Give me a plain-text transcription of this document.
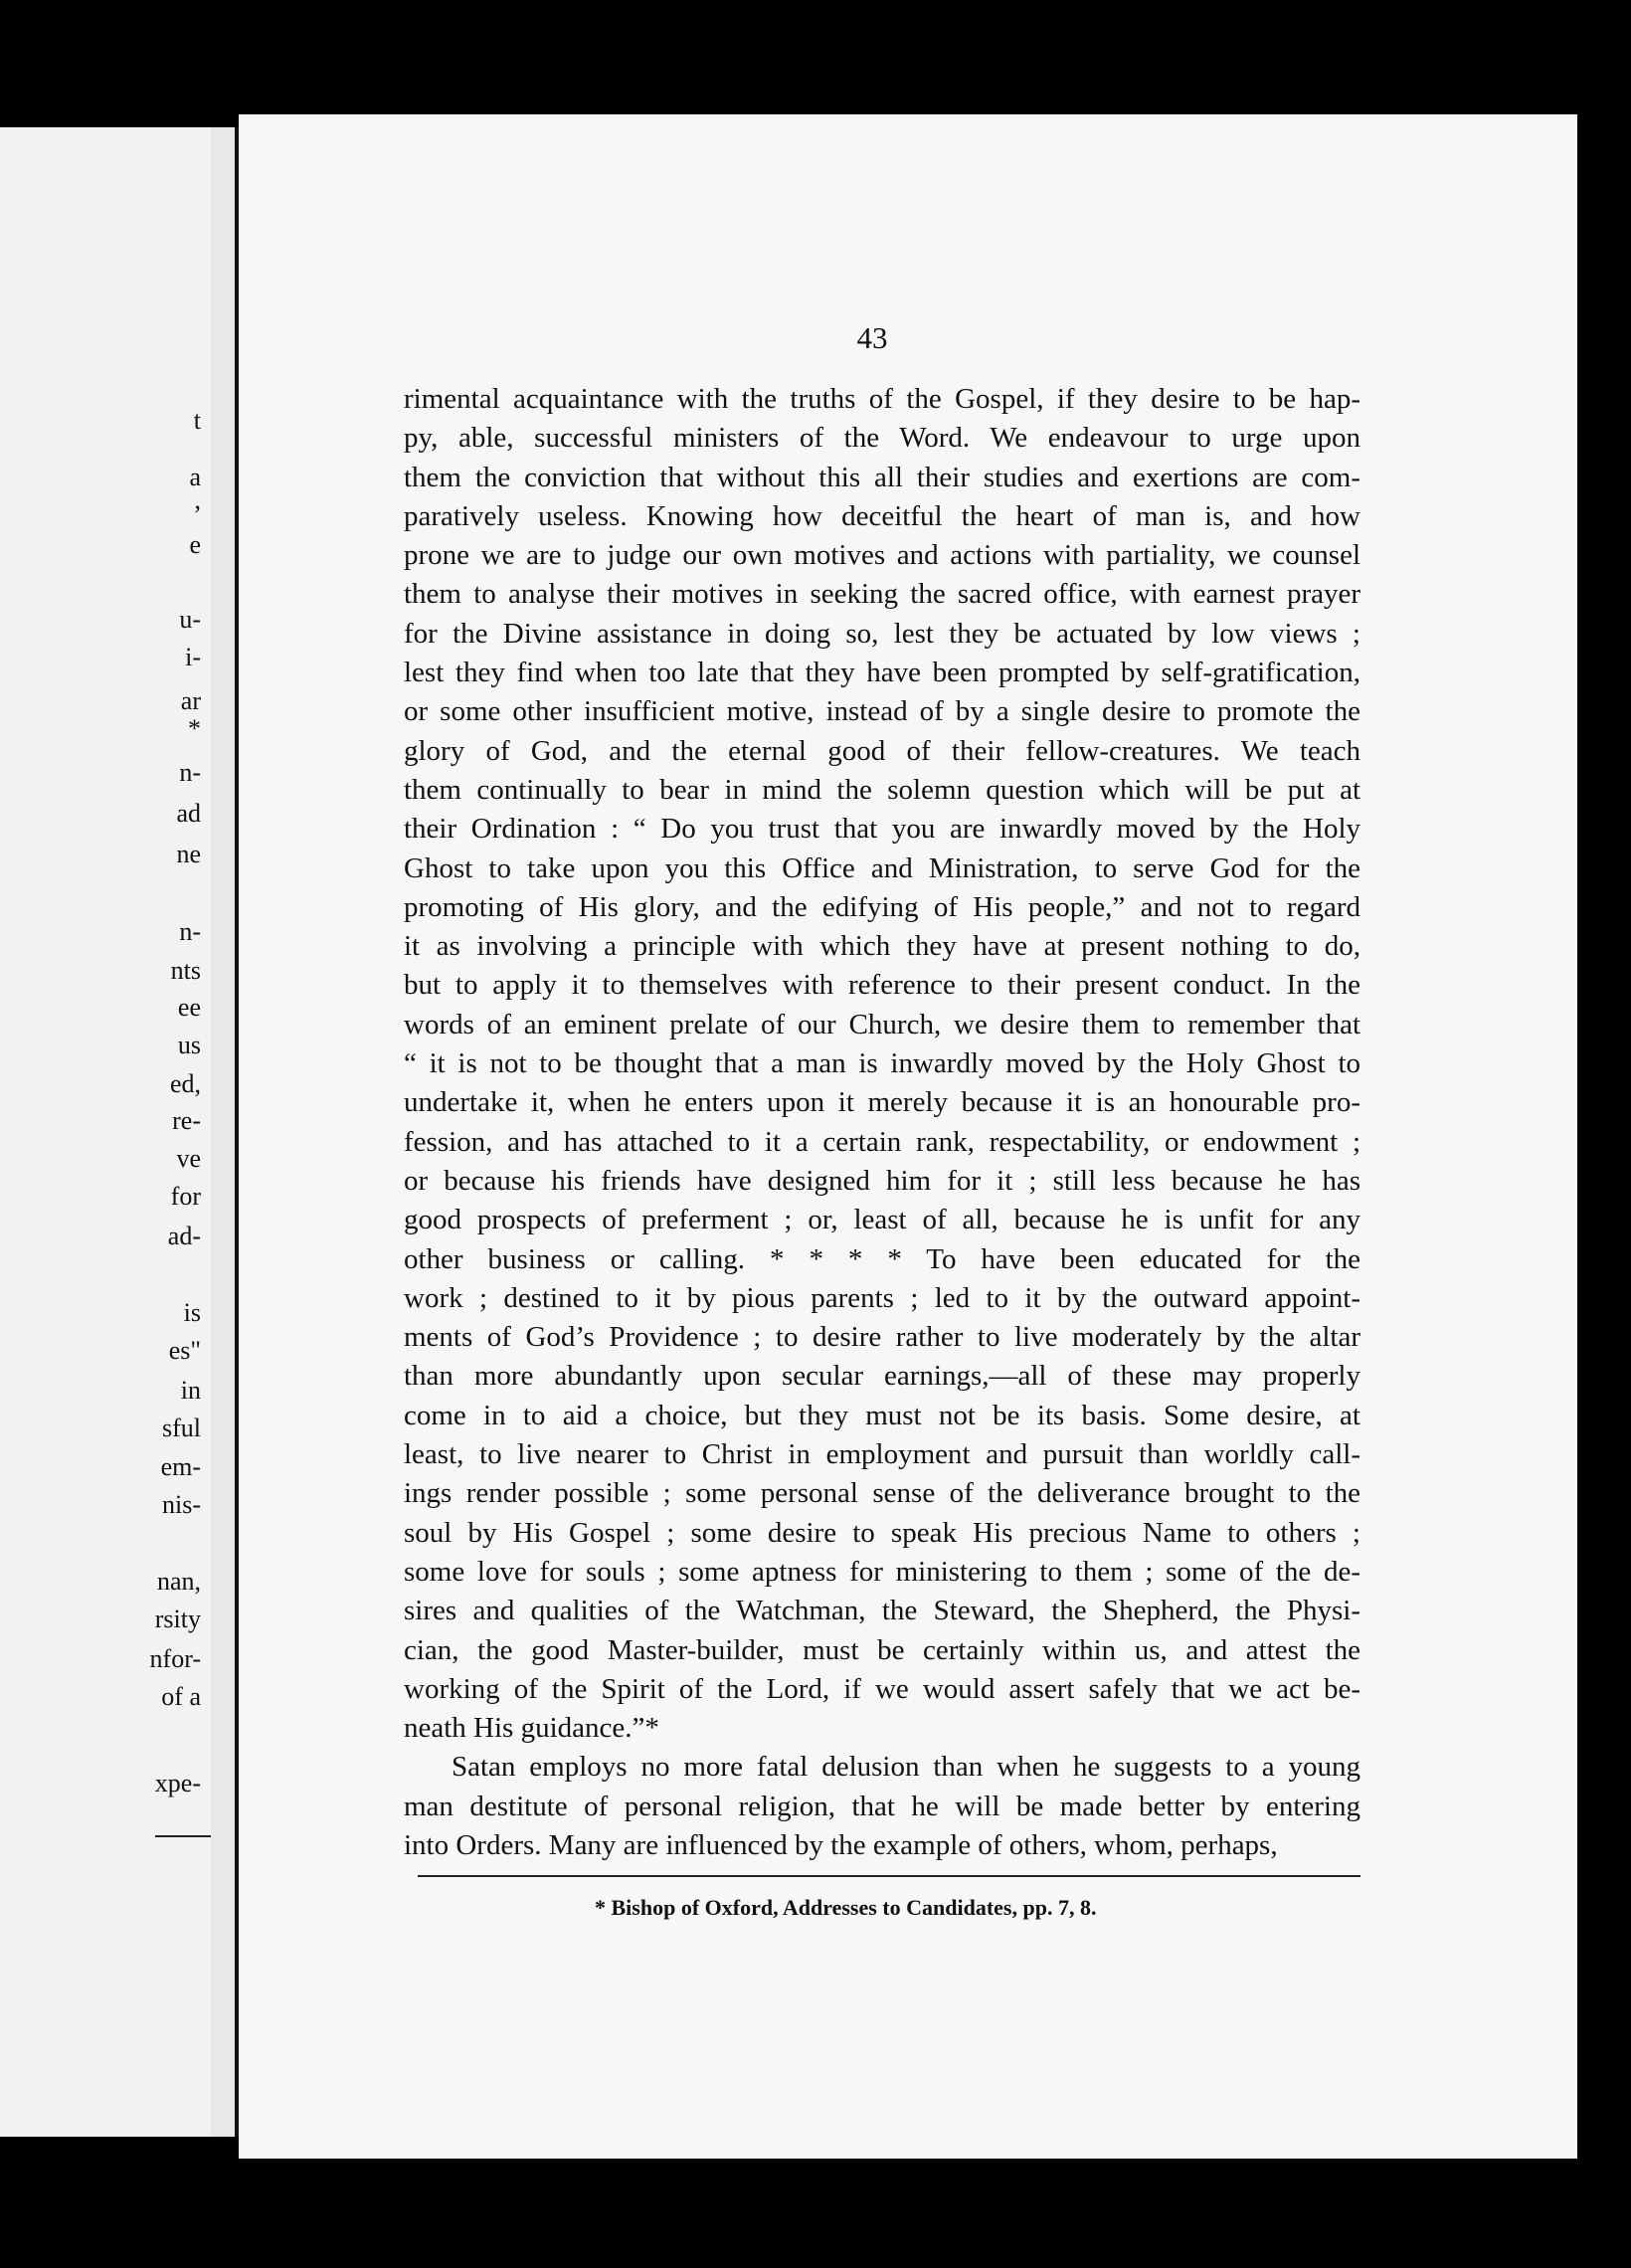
t
a
,
e
u-
i-
ar
*
n-
ad
ne
n-
nts
ee
us
ed,
re-
ve
for
ad-
is
es"
in
sful
em-
nis-
nan,
rsity
nfor-
of a
xpe-
43
rimental acquaintance with the truths of the Gospel, if they desire to be hap-
py, able, successful ministers of the Word. We endeavour to urge upon
them the conviction that without this all their studies and exertions are com-
paratively useless. Knowing how deceitful the heart of man is, and how
prone we are to judge our own motives and actions with partiality, we counsel
them to analyse their motives in seeking the sacred office, with earnest prayer
for the Divine assistance in doing so, lest they be actuated by low views ;
lest they find when too late that they have been prompted by self-gratification,
or some other insufficient motive, instead of by a single desire to promote the
glory of God, and the eternal good of their fellow-creatures. We teach
them continually to bear in mind the solemn question which will be put at
their Ordination : “ Do you trust that you are inwardly moved by the Holy
Ghost to take upon you this Office and Ministration, to serve God for the
promoting of His glory, and the edifying of His people,” and not to regard
it as involving a principle with which they have at present nothing to do,
but to apply it to themselves with reference to their present conduct. In the
words of an eminent prelate of our Church, we desire them to remember that
“ it is not to be thought that a man is inwardly moved by the Holy Ghost to
undertake it, when he enters upon it merely because it is an honourable pro-
fession, and has attached to it a certain rank, respectability, or endowment ;
or because his friends have designed him for it ; still less because he has
good prospects of preferment ; or, least of all, because he is unfit for any
other business or calling. * * * * To have been educated for the
work ; destined to it by pious parents ; led to it by the outward appoint-
ments of God’s Providence ; to desire rather to live moderately by the altar
than more abundantly upon secular earnings,—all of these may properly
come in to aid a choice, but they must not be its basis. Some desire, at
least, to live nearer to Christ in employment and pursuit than worldly call-
ings render possible ; some personal sense of the deliverance brought to the
soul by His Gospel ; some desire to speak His precious Name to others ;
some love for souls ; some aptness for ministering to them ; some of the de-
sires and qualities of the Watchman, the Steward, the Shepherd, the Physi-
cian, the good Master-builder, must be certainly within us, and attest the
working of the Spirit of the Lord, if we would assert safely that we act be-
neath His guidance.”*
Satan employs no more fatal delusion than when he suggests to a young
man destitute of personal religion, that he will be made better by entering
into Orders. Many are influenced by the example of others, whom, perhaps,
* Bishop of Oxford, Addresses to Candidates, pp. 7, 8.
